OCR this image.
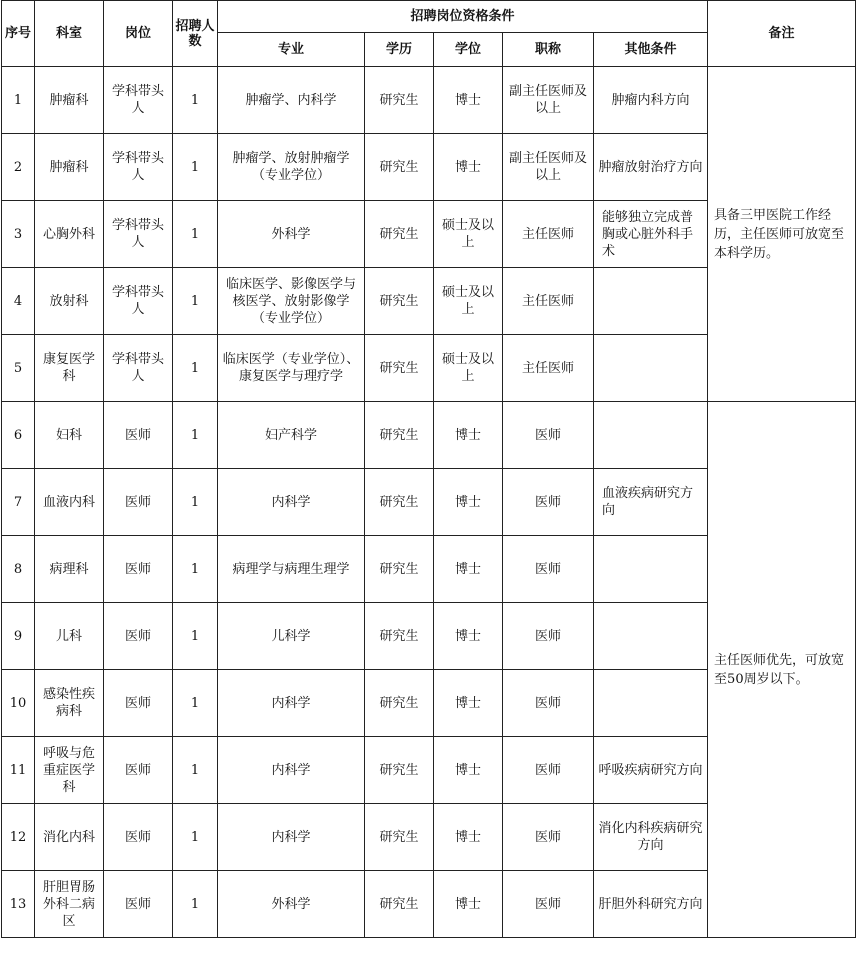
序号	科室	岗位	招聘人数	招聘岗位资格条件					备注
				专业	学历	学位	职称	其他条件	
1	肿瘤科	学科带头人	1	肿瘤学、内科学	研究生	博士	副主任医师及以上	肿瘤内科方向	具备三甲医院工作经历，主任医师可放宽至本科学历。
2	肿瘤科	学科带头人	1	肿瘤学、放射肿瘤学（专业学位）	研究生	博士	副主任医师及以上	肿瘤放射治疗方向	
3	心胸外科	学科带头人	1	外科学	研究生	硕士及以上	主任医师	能够独立完成普胸或心脏外科手术	
4	放射科	学科带头人	1	临床医学、影像医学与核医学、放射影像学（专业学位）	研究生	硕士及以上	主任医师		
5	康复医学科	学科带头人	1	临床医学（专业学位）、康复医学与理疗学	研究生	硕士及以上	主任医师		
6	妇科	医师	1	妇产科学	研究生	博士	医师		主任医师优先，可放宽至50周岁以下。
7	血液内科	医师	1	内科学	研究生	博士	医师	血液疾病研究方向	
8	病理科	医师	1	病理学与病理生理学	研究生	博士	医师		
9	儿科	医师	1	儿科学	研究生	博士	医师		
10	感染性疾病科	医师	1	内科学	研究生	博士	医师		
11	呼吸与危重症医学科	医师	1	内科学	研究生	博士	医师	呼吸疾病研究方向	
12	消化内科	医师	1	内科学	研究生	博士	医师	消化内科疾病研究方向	
13	肝胆胃肠外科二病区	医师	1	外科学	研究生	博士	医师	肝胆外科研究方向	
